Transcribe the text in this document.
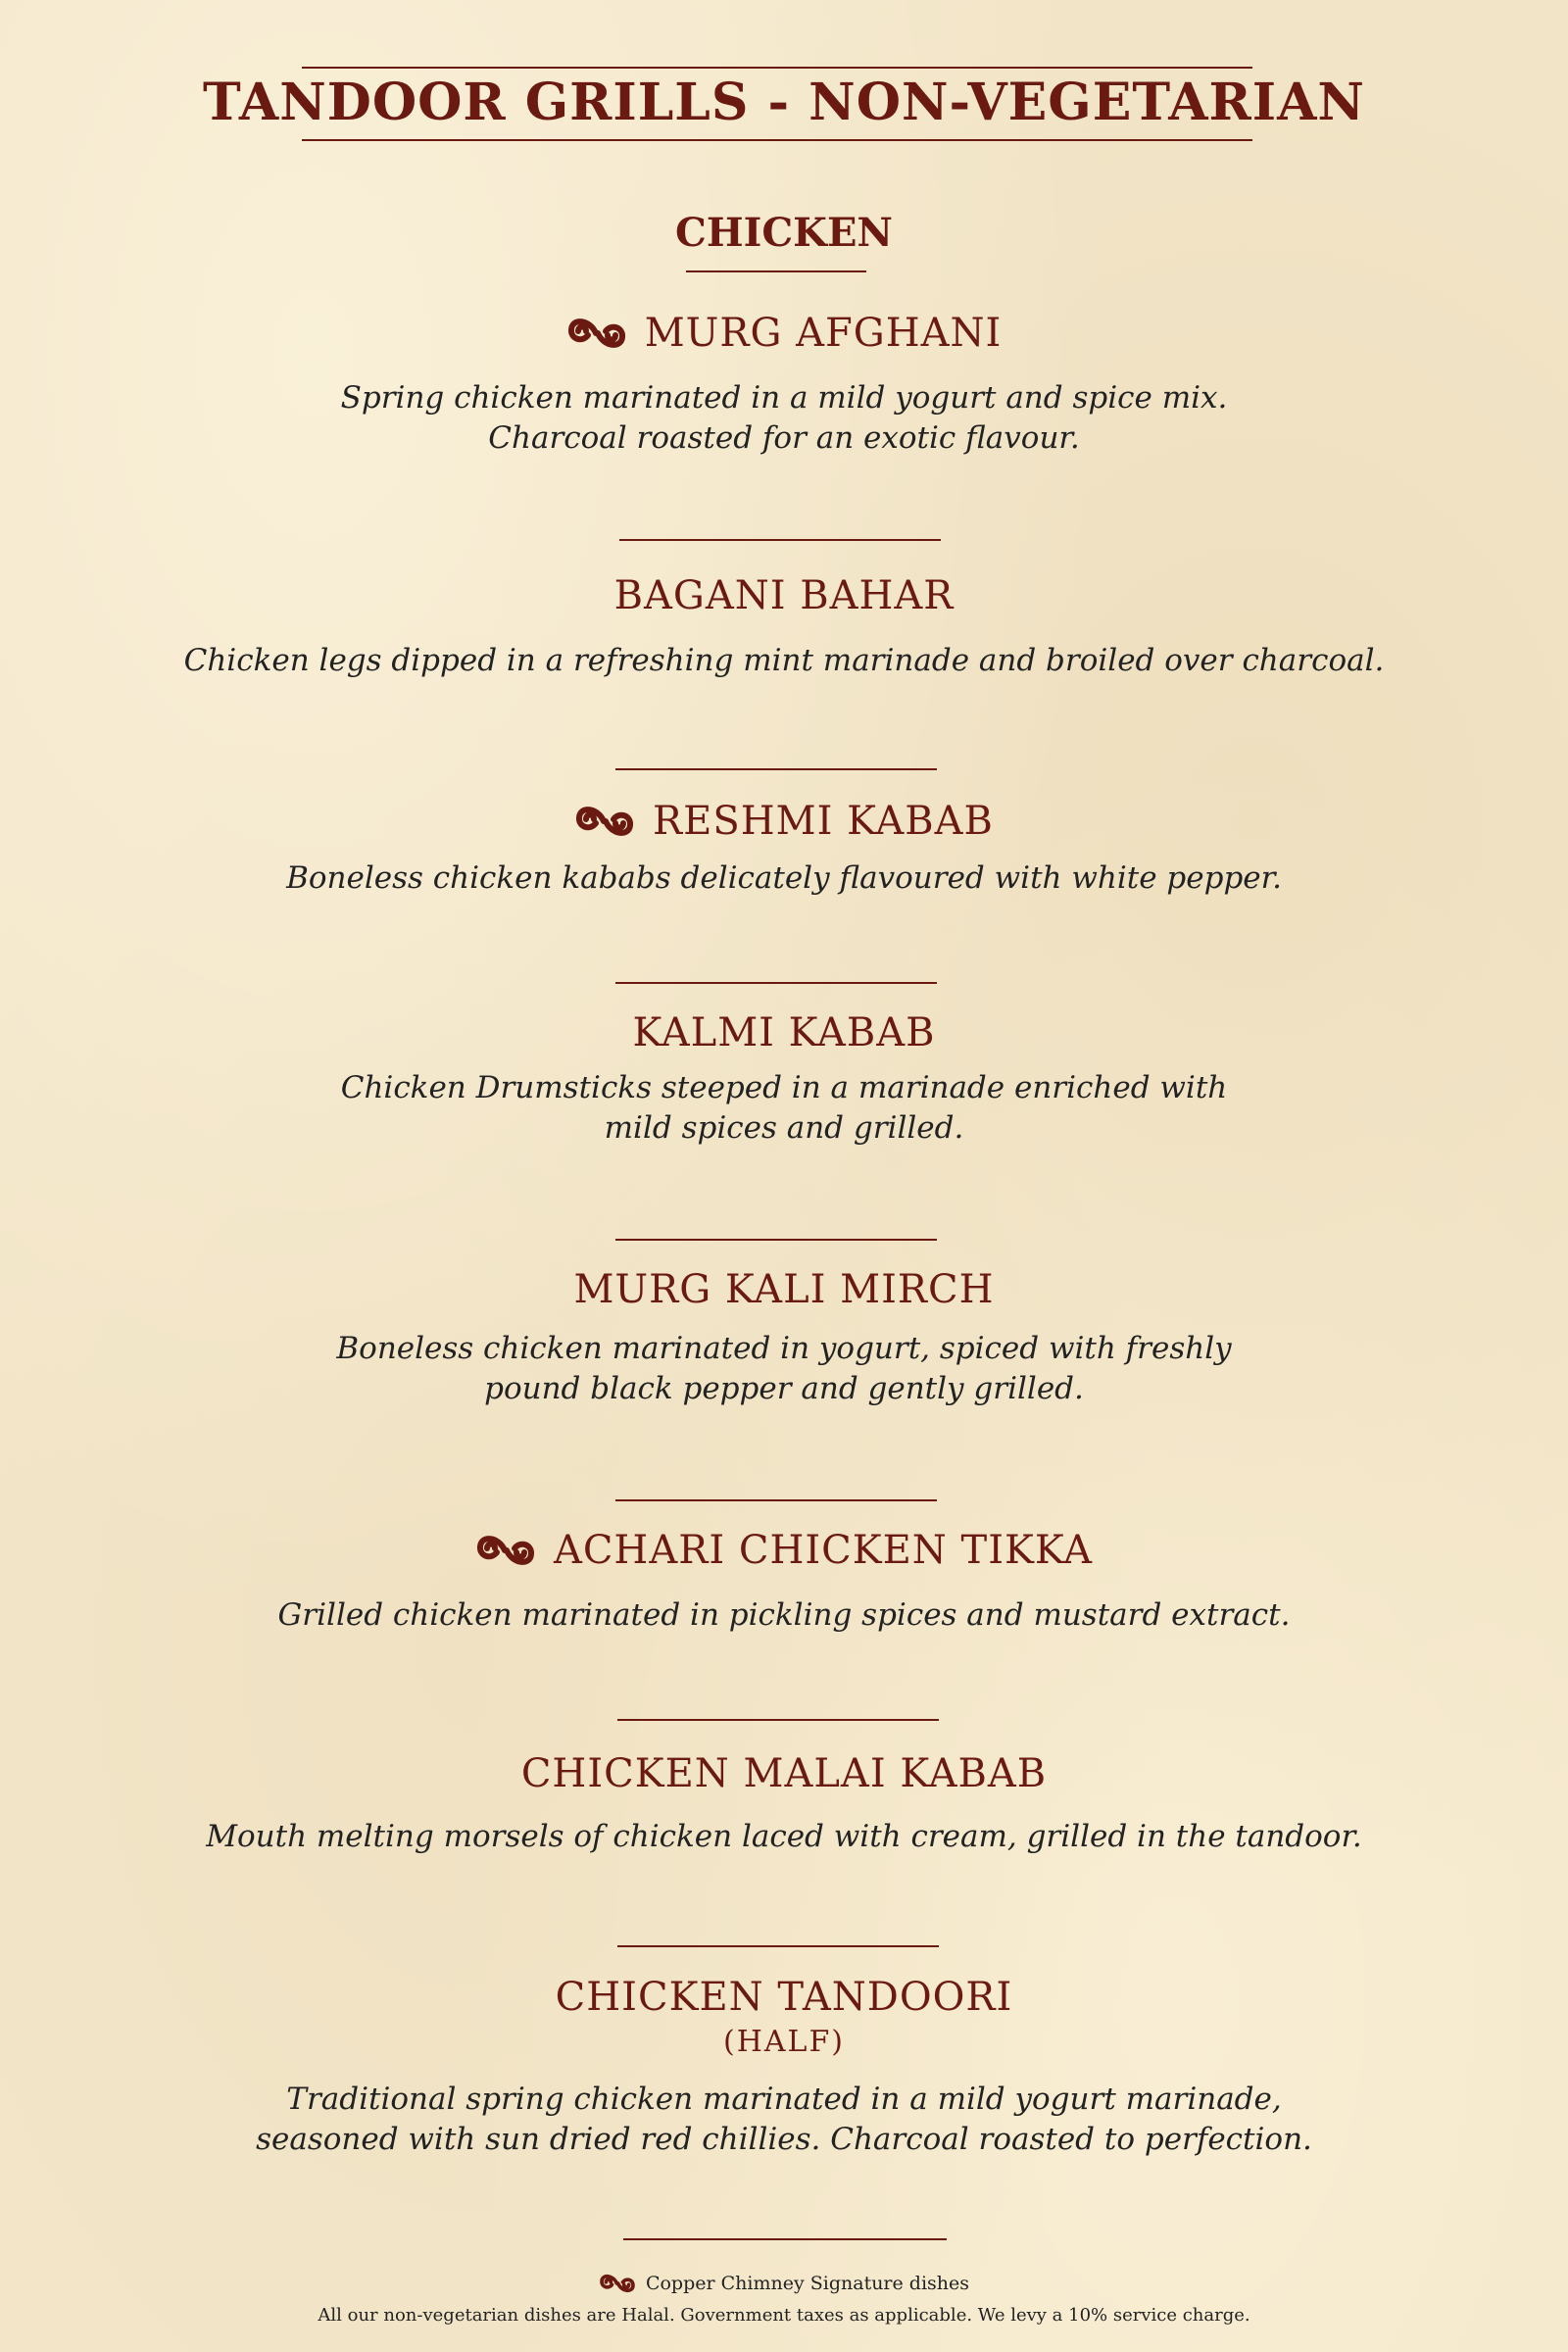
TANDOOR GRILLS - NON-VEGETARIAN
CHICKEN
MURG AFGHANI

Spring chicken marinated in a mild yogurt and spice mix.
Charcoal roasted for an exotic flavour.

BAGANI BAHAR

Chicken legs dipped in a refreshing mint marinade and broiled over charcoal.

RESHMI KABAB

Boneless chicken kababs delicately flavoured with white pepper.

KALMI KABAB

Chicken Drumsticks steeped in a marinade enriched with
mild spices and grilled.

MURG KALI MIRCH

Boneless chicken marinated in yogurt, spiced with freshly
pound black pepper and gently grilled.

ACHARI CHICKEN TIKKA

Grilled chicken marinated in pickling spices and mustard extract.

CHICKEN MALAI KABAB

Mouth melting morsels of chicken laced with cream, grilled in the tandoor.

CHICKEN TANDOORI
(HALF)

Traditional spring chicken marinated in a mild yogurt marinade,
seasoned with sun dried red chillies. Charcoal roasted to perfection.

Copper Chimney Signature dishes

All our non-vegetarian dishes are Halal. Government taxes as applicable. We levy a 10% service charge.
